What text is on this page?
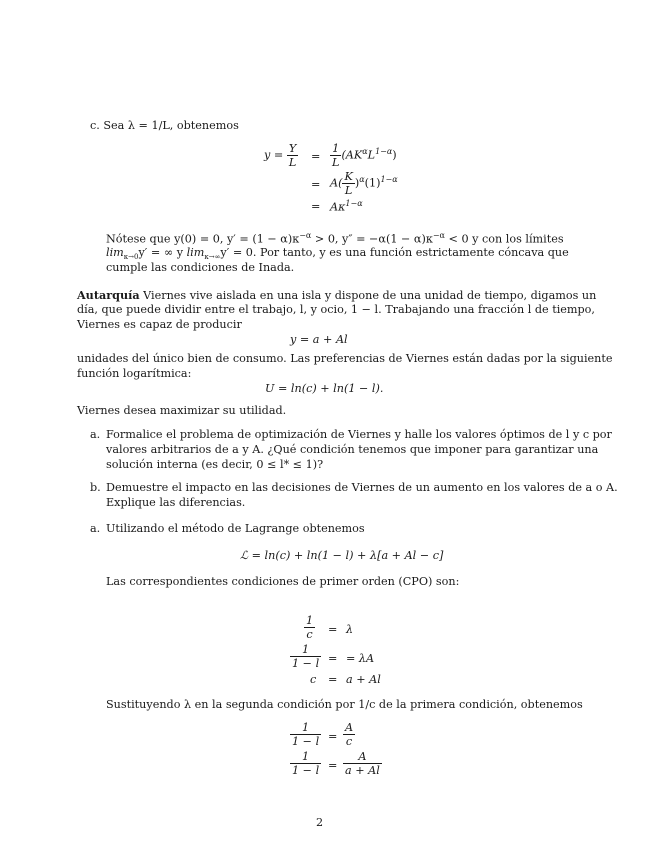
c. Sea λ = 1/L, obtenemos
$y = \frac{Y}{L} = \frac{1}{L} (AK^\alpha L^{1-\alpha})$
= $A( \frac{K}{L} )^\alpha(1)^{1-\alpha}$
= $A\kappa^{1-\alpha}$
Nótese que y(0) = 0, $y' = (1 - \alpha)\kappa^{-\alpha} > 0$, $y'' = -\alpha(1 - \alpha)\kappa^{-\alpha} < 0$ y con los límites
$\lim_{\kappa\to 0}y'$ = ∞ y $\lim_{\kappa\to\infty}y' = 0$. Por tanto, y es una función estrictamente cóncava que
cumple las condiciones de Inada.
Autarquía Viernes vive aislada en una isla y dispone de una unidad de tiempo, digamos un
día, que puede dividir entre el trabajo, l, y ocio, 1 − l. Trabajando una fracción l de tiempo,
Viernes es capaz de producir
y = a + Al
unidades del único bien de consumo. Las preferencias de Viernes están dadas por la siguiente
función logarítmica:
U = ln(c) + ln(1 − l).
Viernes desea maximizar su utilidad.
a. Formalice el problema de optimización de Viernes y halle los valores óptimos de l y c por
valores arbitrarios de a y A. ¿Qué condición tenemos que imponer para garantizar una
solución interna (es decir, 0 ≤ l* ≤ 1)?
b. Demuestre el impacto en las decisiones de Viernes de un aumento en los valores de a o A.
Explique las diferencias.
a. Utilizando el método de Lagrange obtenemos
ℒ = ln(c) + ln(1 − l) + λ[a + Al − c]
Las correspondientes condiciones de primer orden (CPO) son:
$\frac{1}{c} = \lambda$
$\frac{1}{1 - l}$ = = λA
c = a + Al
Sustituyendo λ en la segunda condición por 1/c de la primera condición, obtenemos
$\frac{1}{1 - l} = \frac{A}{c}$
$\frac{1}{1 - l} = \frac{A}{a + Al}$
2
